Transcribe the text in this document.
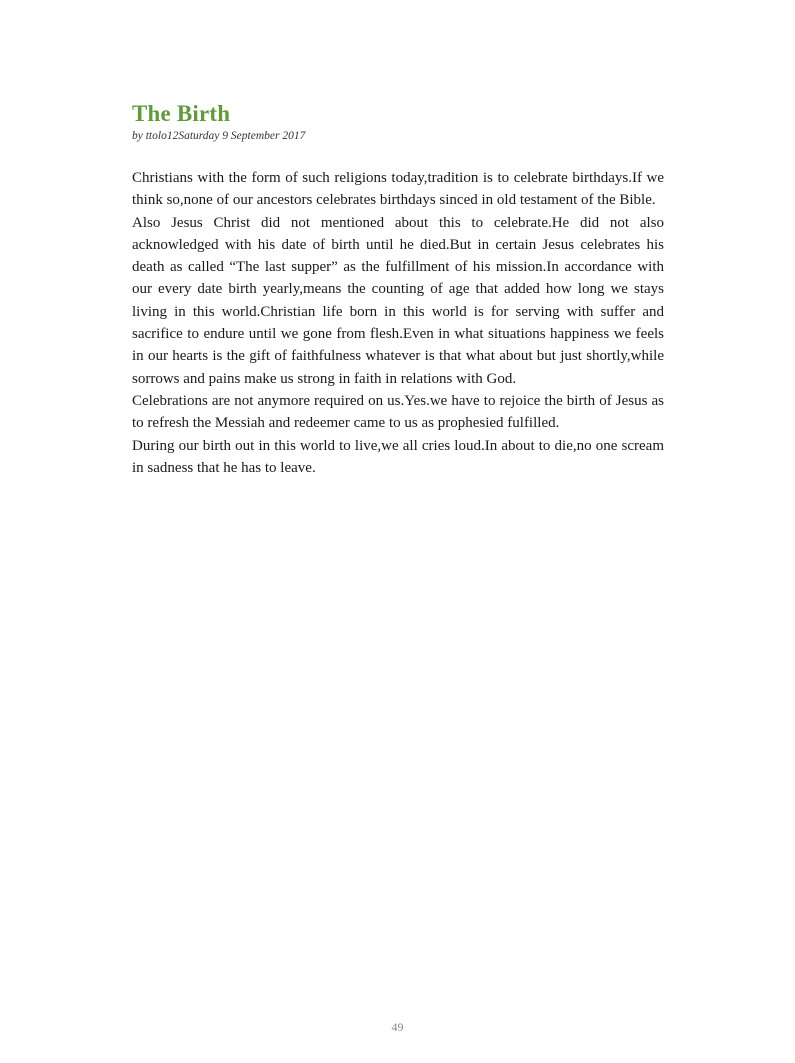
The Birth
by ttolo12Saturday 9 September 2017

Christians with the form of such religions today,tradition is to celebrate birthdays.If we think so,none of our ancestors celebrates birthdays sinced in old testament of the Bible.

Also Jesus Christ did not mentioned about this to celebrate.He did not also acknowledged with his date of birth until he died.But in certain Jesus celebrates his death as called “The last supper” as the fulfillment of his mission.In accordance with our every date birth yearly,means the counting of age that added how long we stays living in this world.Christian life born in this world is for serving with suffer and sacrifice to endure until we gone from flesh.Even in what situations happiness we feels in our hearts is the gift of faithfulness whatever is that what about but just shortly,while sorrows and pains make us strong in faith in relations with God.

Celebrations are not anymore required on us.Yes.we have to rejoice the birth of Jesus as to refresh the Messiah and redeemer came to us as prophesied fulfilled.

During our birth out in this world to live,we all cries loud.In about to die,no one scream in sadness that he has to leave.

49
